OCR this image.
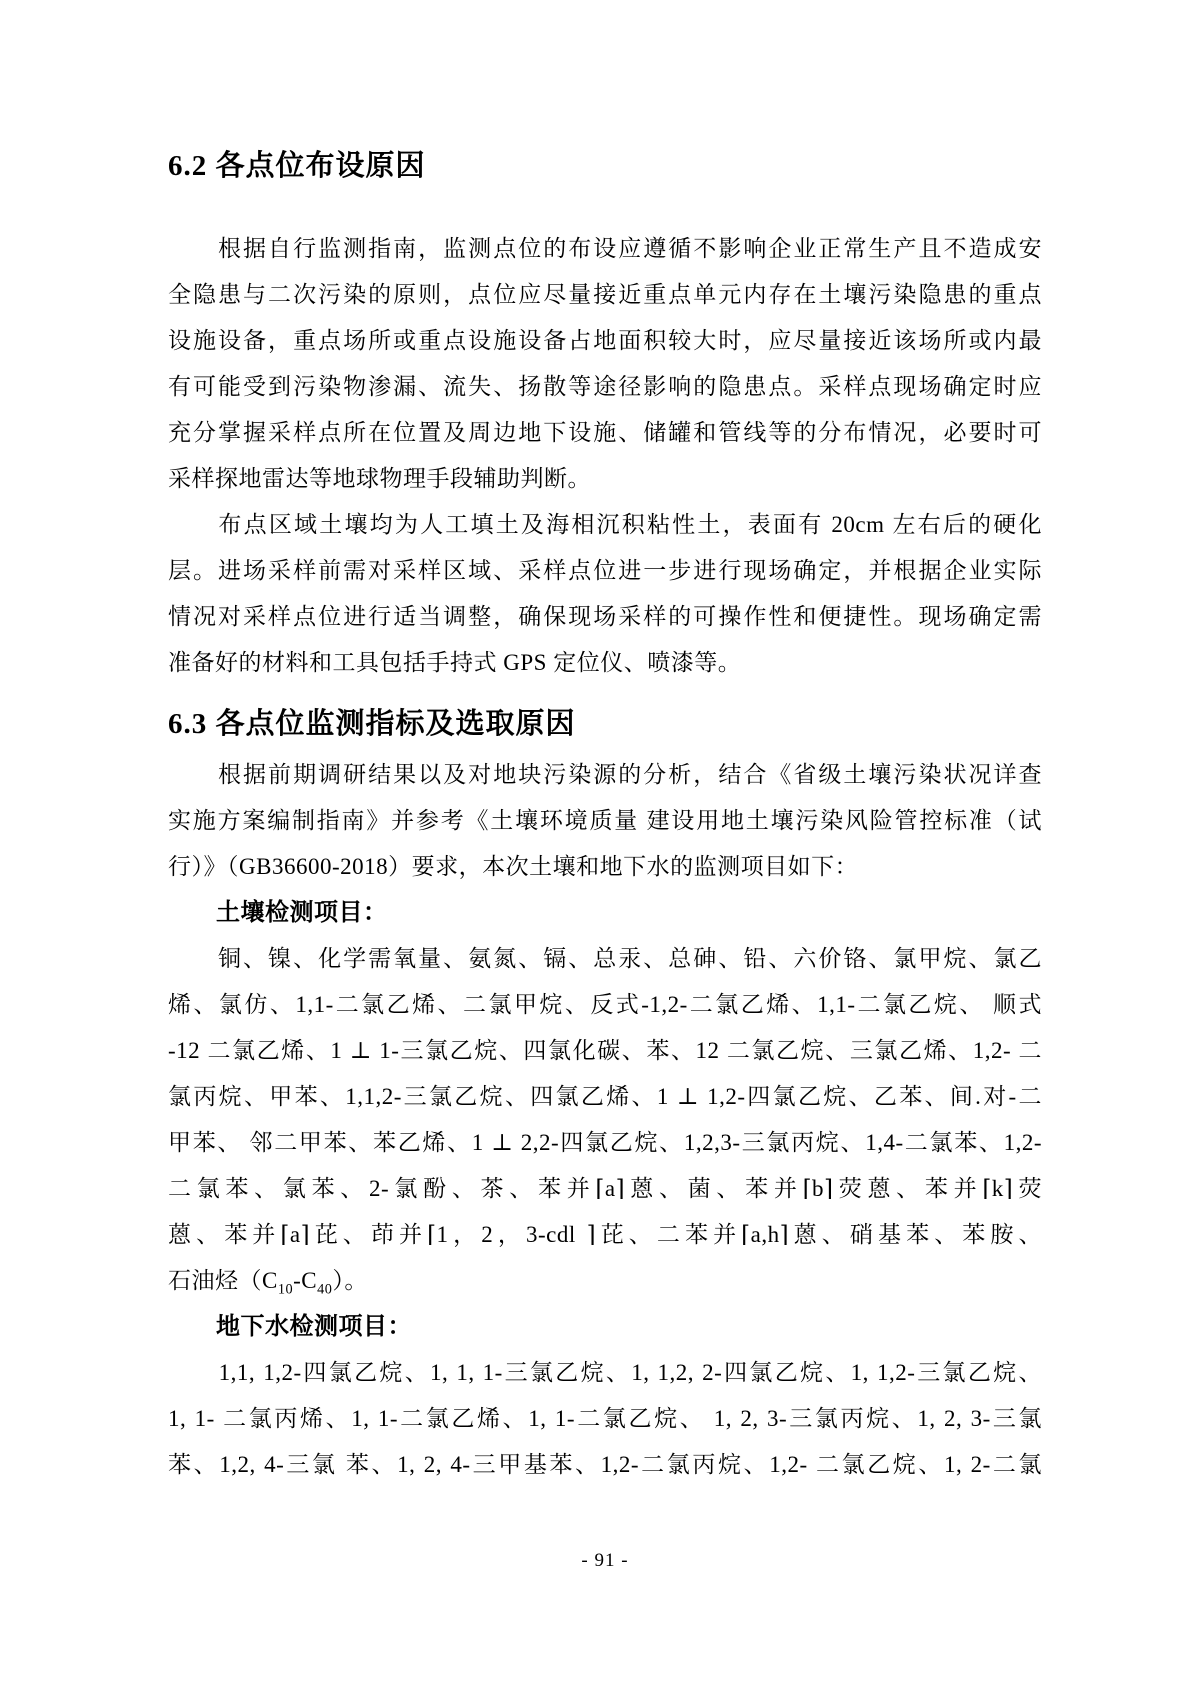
6.2 各点位布设原因
　　根据自行监测指南，监测点位的布设应遵循不影响企业正常生产且不造成安
全隐患与二次污染的原则，点位应尽量接近重点单元内存在土壤污染隐患的重点
设施设备，重点场所或重点设施设备占地面积较大时，应尽量接近该场所或内最
有可能受到污染物渗漏、流失、扬散等途径影响的隐患点。采样点现场确定时应
充分掌握采样点所在位置及周边地下设施、储罐和管线等的分布情况，必要时可
采样探地雷达等地球物理手段辅助判断。
　　布点区域土壤均为人工填土及海相沉积粘性土，表面有 20cm 左右后的硬化
层。进场采样前需对采样区域、采样点位进一步进行现场确定，并根据企业实际
情况对采样点位进行适当调整，确保现场采样的可操作性和便捷性。现场确定需
准备好的材料和工具包括手持式 GPS 定位仪、喷漆等。
6.3 各点位监测指标及选取原因
　　根据前期调研结果以及对地块污染源的分析，结合《省级土壤污染状况详查
实施方案编制指南》并参考《土壤环境质量 建设用地土壤污染风险管控标准（试
行）》（GB36600-2018）要求，本次土壤和地下水的监测项目如下：
土壤检测项目：
　　铜、镍、化学需氧量、氨氮、镉、总汞、总砷、铅、六价铬、氯甲烷、氯乙
烯、氯仿、1,1-二氯乙烯、二氯甲烷、反式-1,2-二氯乙烯、1,1-二氯乙烷、 顺式
-12 二氯乙烯、1 ⊥ 1-三氯乙烷、四氯化碳、苯、12 二氯乙烷、三氯乙烯、1,2- 二
氯丙烷、甲苯、1,1,2-三氯乙烷、四氯乙烯、1 ⊥ 1,2-四氯乙烷、乙苯、间.对-二
甲苯、 邻二甲苯、苯乙烯、1 ⊥ 2,2-四氯乙烷、1,2,3-三氯丙烷、1,4-二氯苯、1,2-
二氯苯、氯苯、2-氯酚、茶、苯并⌈a⌉蒽、菌、苯并⌈b⌉荧蒽、苯并⌈k⌉荧
蒽、苯并⌈a⌉芘、茚并⌈1，2，3-cdl ⌉芘、二苯并⌈a,h⌉蒽、硝基苯、苯胺、
石油烃$(C_{10}-C_{40})$。
地下水检测项目：
　　1,1, 1,2-四氯乙烷、1, 1, 1-三氯乙烷、1, 1,2, 2-四氯乙烷、1, 1,2-三氯乙烷、
1, 1- 二氯丙烯、1, 1-二氯乙烯、1, 1-二氯乙烷、 1, 2, 3-三氯丙烷、1, 2, 3-三氯
苯、1,2, 4-三氯 苯、1, 2, 4-三甲基苯、1,2-二氯丙烷、1,2- 二氯乙烷、1, 2-二氯
- 91 -
